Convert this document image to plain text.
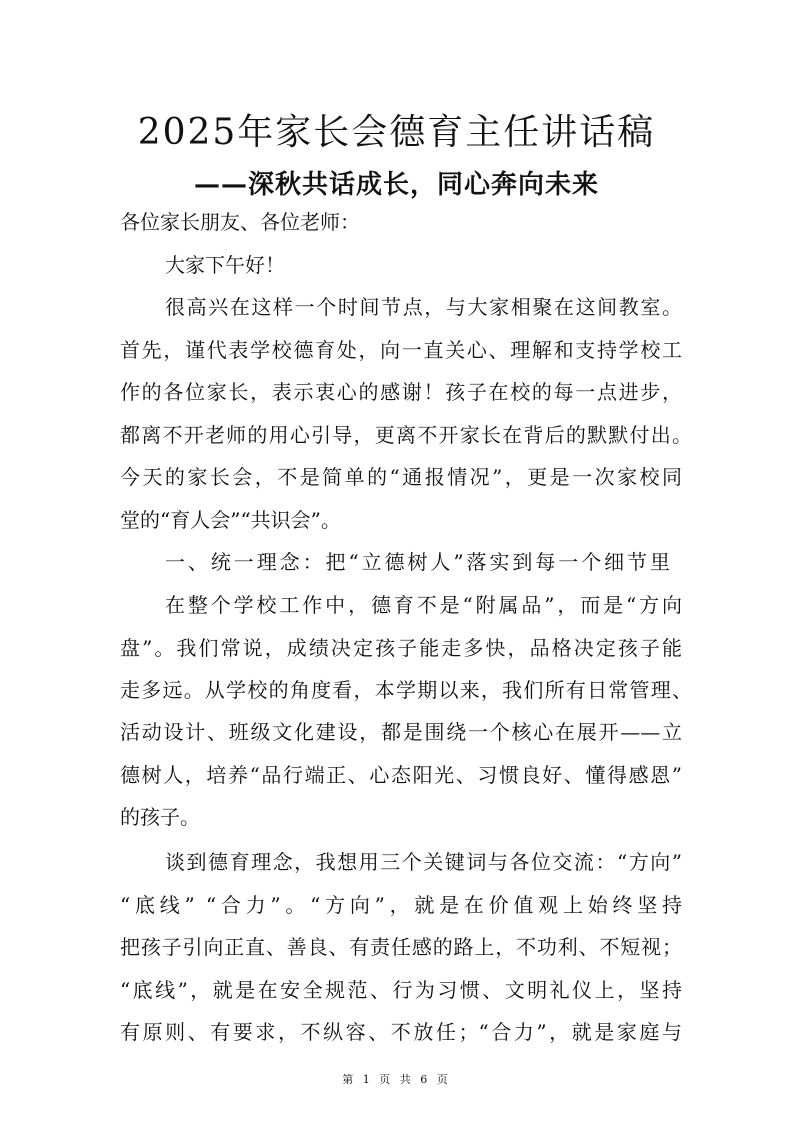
2025年家长会德育主任讲话稿
——深秋共话成长，同心奔向未来
各位家长朋友、各位老师：
大家下午好！
很高兴在这样一个时间节点，与大家相聚在这间教室。
首先，谨代表学校德育处，向一直关心、理解和支持学校工
作的各位家长，表示衷心的感谢！孩子在校的每一点进步，
都离不开老师的用心引导，更离不开家长在背后的默默付出。
今天的家长会，不是简单的“通报情况”，更是一次家校同
堂的“育人会”“共识会”。
一、统一理念：把“立德树人”落实到每一个细节里
在整个学校工作中，德育不是“附属品”，而是“方向
盘”。我们常说，成绩决定孩子能走多快，品格决定孩子能
走多远。从学校的角度看，本学期以来，我们所有日常管理、
活动设计、班级文化建设，都是围绕一个核心在展开——立
德树人，培养“品行端正、心态阳光、习惯良好、懂得感恩”
的孩子。
谈到德育理念，我想用三个关键词与各位交流：“方向”
“底线” “合力”。“方向”，就是在价值观上始终坚持
把孩子引向正直、善良、有责任感的路上，不功利、不短视；
“底线”，就是在安全规范、行为习惯、文明礼仪上，坚持
有原则、有要求，不纵容、不放任；“合力”，就是家庭与
第 1 页 共 6 页
